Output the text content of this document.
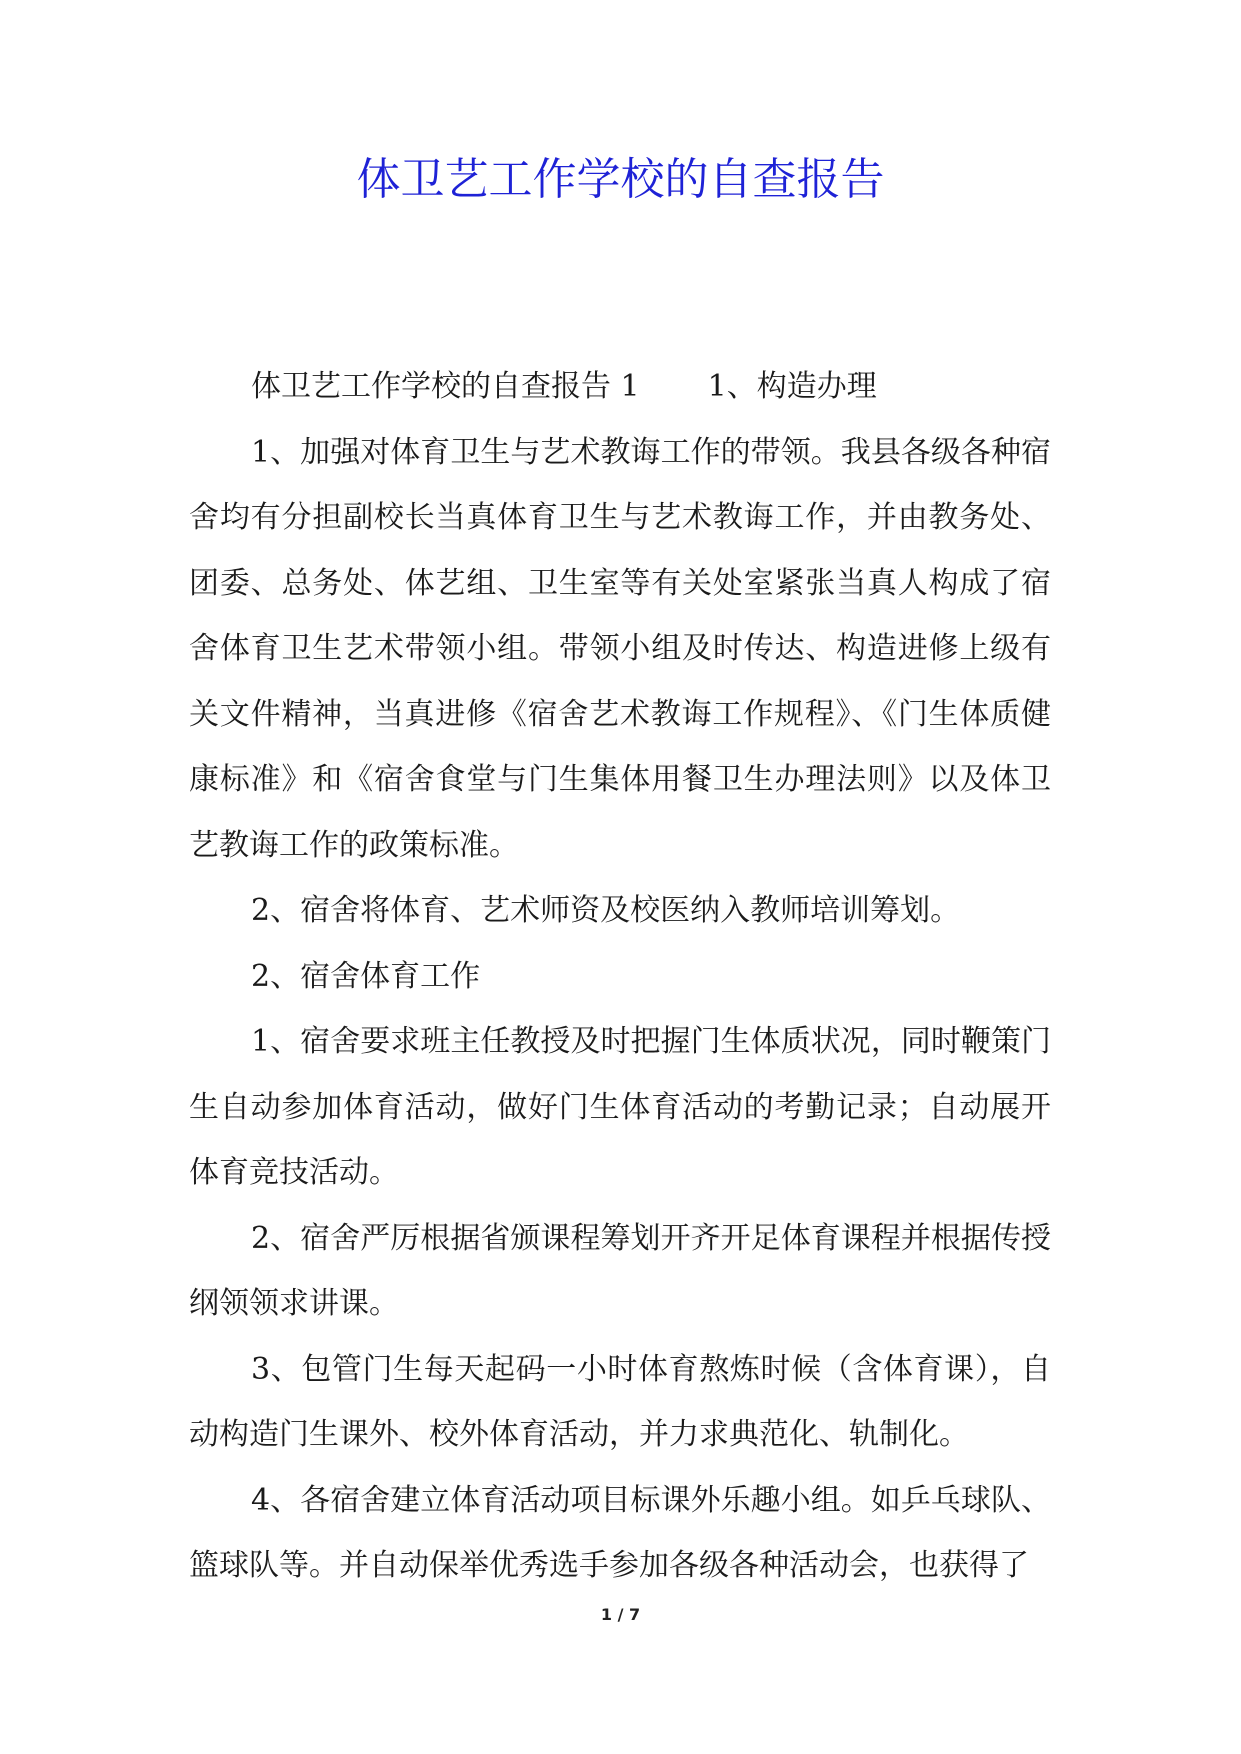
体卫艺工作学校的自查报告

体卫艺工作学校的自查报告 1 1、构造办理

1、加强对体育卫生与艺术教诲工作的带领。我县各级各种宿舍均有分担副校长当真体育卫生与艺术教诲工作，并由教务处、团委、总务处、体艺组、卫生室等有关处室紧张当真人构成了宿舍体育卫生艺术带领小组。带领小组及时传达、构造进修上级有关文件精神，当真进修《宿舍艺术教诲工作规程》、《门生体质健康标准》和《宿舍食堂与门生集体用餐卫生办理法则》以及体卫艺教诲工作的政策标准。

2、宿舍将体育、艺术师资及校医纳入教师培训筹划。

2、宿舍体育工作

1、宿舍要求班主任教授及时把握门生体质状况，同时鞭策门生自动参加体育活动，做好门生体育活动的考勤记录；自动展开体育竞技活动。

2、宿舍严厉根据省颁课程筹划开齐开足体育课程并根据传授纲领领求讲课。

3、包管门生每天起码一小时体育熬炼时候（含体育课），自动构造门生课外、校外体育活动，并力求典范化、轨制化。

4、各宿舍建立体育活动项目标课外乐趣小组。如乒乓球队、篮球队等。并自动保举优秀选手参加各级各种活动会，也获得了

1 / 7
